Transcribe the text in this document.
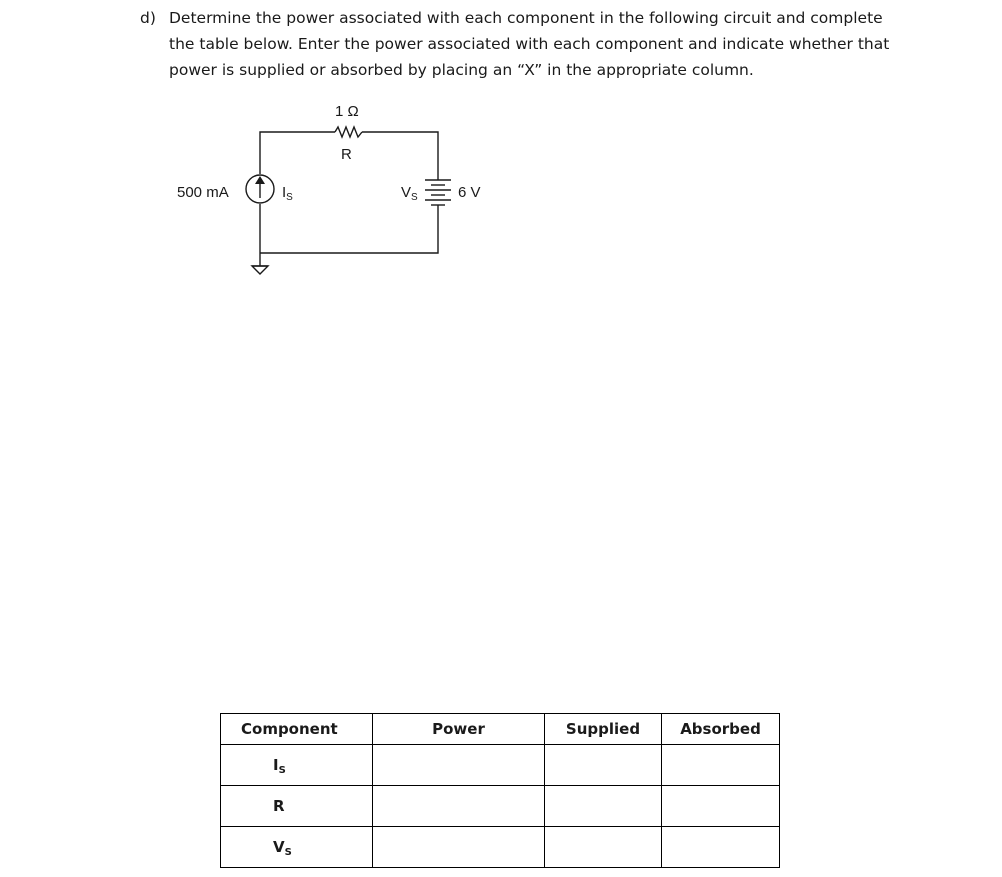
d) Determine the power associated with each component in the following circuit and complete the table below. Enter the power associated with each component and indicate whether that power is supplied or absorbed by placing an “X” in the appropriate column.
1 Ω
R
500 mA	$I_S$	$V_S$	6 V
Component	Power	Supplied	Absorbed
$I_S$			
R			
$V_S$			
